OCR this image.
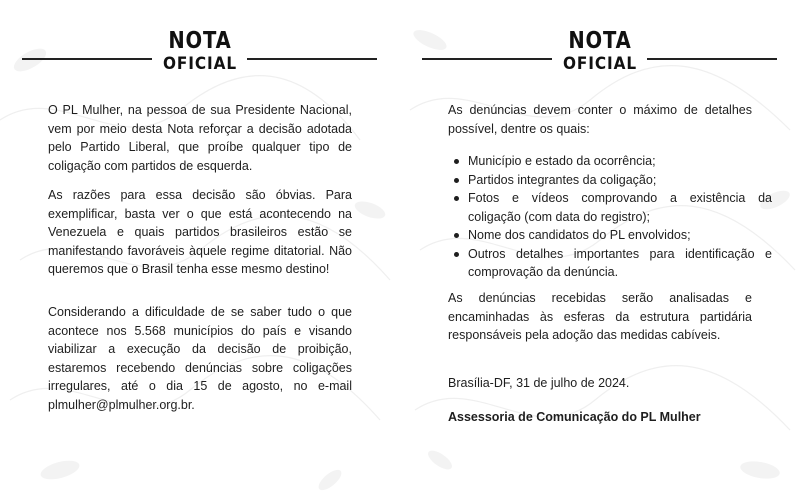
NOTA
OFICIAL
O PL Mulher, na pessoa de sua Presidente Nacional, vem por meio desta Nota reforçar a decisão adotada pelo Partido Liberal, que proíbe qualquer tipo de coligação com partidos de esquerda.
As razões para essa decisão são óbvias. Para exemplificar, basta ver o que está acontecendo na Venezuela e quais partidos brasileiros estão se manifestando favoráveis àquele regime ditatorial. Não queremos que o Brasil tenha esse mesmo destino!
Considerando a dificuldade de se saber tudo o que acontece nos 5.568 municípios do país e visando viabilizar a execução da decisão de proibição, estaremos recebendo denúncias sobre coligações irregulares, até o dia 15 de agosto, no e-mail plmulher@plmulher.org.br.
NOTA
OFICIAL
As denúncias devem conter o máximo de detalhes possível, dentre os quais:
Município e estado da ocorrência;
Partidos integrantes da coligação;
Fotos e vídeos comprovando a existência da coligação (com data do registro);
Nome dos candidatos do PL envolvidos;
Outros detalhes importantes para identificação e comprovação da denúncia.
As denúncias recebidas serão analisadas e encaminhadas às esferas da estrutura partidária responsáveis pela adoção das medidas cabíveis.
Brasília-DF, 31 de julho de 2024.
Assessoria de Comunicação do PL Mulher
